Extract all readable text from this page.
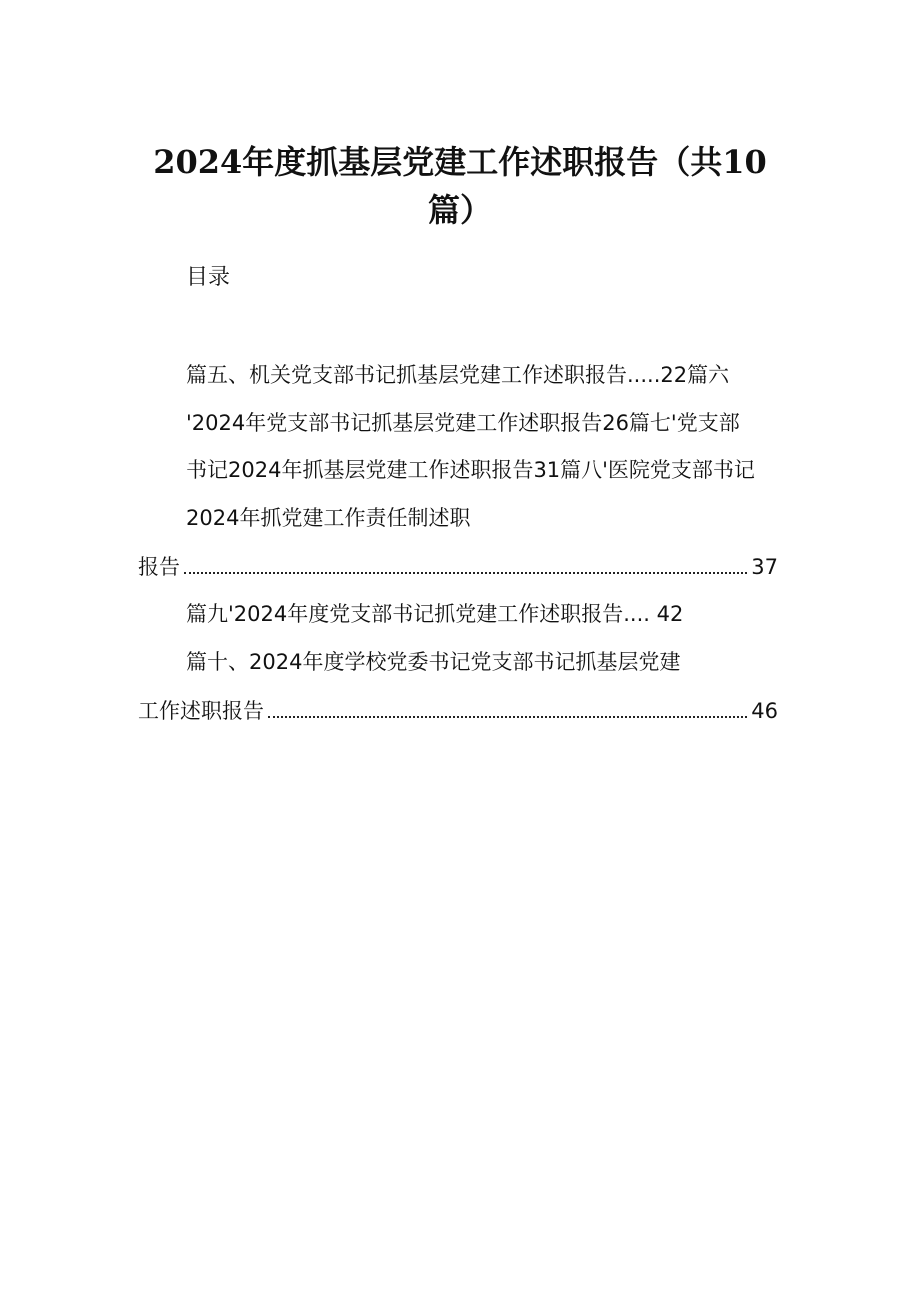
2024年度抓基层党建工作述职报告（共10
篇）
目录
篇五、机关党支部书记抓基层党建工作述职报告.....22篇六
'2024年党支部书记抓基层党建工作述职报告26篇七'党支部
书记2024年抓基层党建工作述职报告31篇八'医院党支部书记
2024年抓党建工作责任制述职
报告	37
篇九'2024年度党支部书记抓党建工作述职报告.... 42
篇十、2024年度学校党委书记党支部书记抓基层党建
工作述职报告	46
